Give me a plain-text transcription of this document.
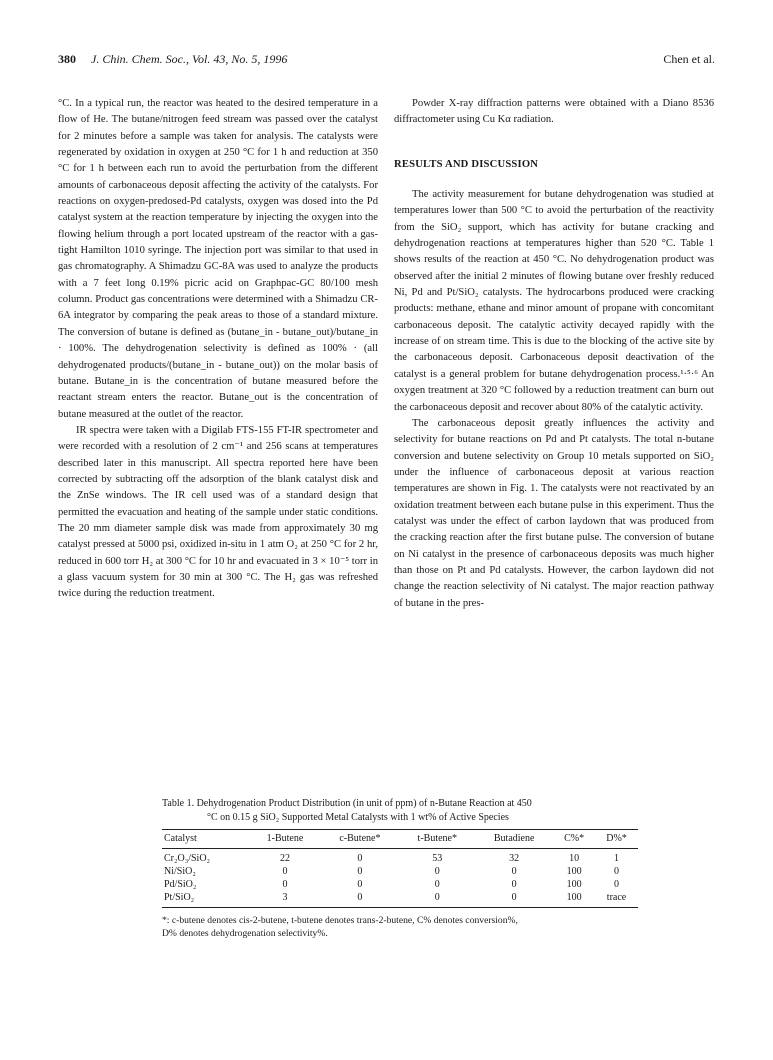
380 J. Chin. Chem. Soc., Vol. 43, No. 5, 1996	Chen et al.

°C. In a typical run, the reactor was heated to the desired temperature in a flow of He. The butane/nitrogen feed stream was passed over the catalyst for 2 minutes before a sample was taken for analysis. The catalysts were regenerated by oxidation in oxygen at 250 °C for 1 h and reduction at 350 °C for 1 h between each run to avoid the perturbation from the different amounts of carbonaceous deposit affecting the activity of the catalysts. For reactions on oxygen-predosed-Pd catalysts, oxygen was dosed into the Pd catalyst system at the reaction temperature by injecting the oxygen into the flowing helium through a port located upstream of the reactor with a gas-tight Hamilton 1010 syringe. The injection port was similar to that used in gas chromatography. A Shimadzu GC-8A was used to analyze the products with a 7 feet long 0.19% picric acid on Graphpac-GC 80/100 mesh column. Product gas concentrations were determined with a Shimadzu CR-6A integrator by comparing the peak areas to those of a standard mixture. The conversion of butane is defined as (butane_in - butane_out)/butane_in · 100%. The dehydrogenation selectivity is defined as 100% · (all dehydrogenated products/(butane_in - butane_out)) on the molar basis of butane. Butane_in is the concentration of butane measured before the reactant stream enters the reactor. Butane_out is the concentration of butane measured at the outlet of the reactor.

IR spectra were taken with a Digilab FTS-155 FT-IR spectrometer and were recorded with a resolution of 2 cm⁻¹ and 256 scans at temperatures described later in this manuscript. All spectra reported here have been corrected by subtracting off the adsorption of the blank catalyst disk and the ZnSe windows. The IR cell used was of a standard design that permitted the evacuation and heating of the sample under static conditions. The 20 mm diameter sample disk was made from approximately 30 mg catalyst pressed at 5000 psi, oxidized in-situ in 1 atm O₂ at 250 °C for 2 hr, reduced in 600 torr H₂ at 300 °C for 10 hr and evacuated in 3 × 10⁻⁵ torr in a glass vacuum system for 30 min at 300 °C. The H₂ gas was refreshed twice during the reduction treatment.

Powder X-ray diffraction patterns were obtained with a Diano 8536 diffractometer using Cu Kα radiation.

RESULTS AND DISCUSSION

The activity measurement for butane dehydrogenation was studied at temperatures lower than 500 °C to avoid the perturbation of the reactivity from the SiO₂ support, which has activity for butane cracking and dehydrogenation reactions at temperatures higher than 520 °C. Table 1 shows results of the reaction at 450 °C. No dehydrogenation product was observed after the initial 2 minutes of flowing butane over freshly reduced Ni, Pd and Pt/SiO₂ catalysts. The hydrocarbons produced were cracking products: methane, ethane and minor amount of propane with concomitant carbonaceous deposit. The catalytic activity decayed rapidly with the increase of on stream time. This is due to the blocking of the active site by the carbonaceous deposit. Carbonaceous deposit deactivation of the catalyst is a general problem for butane dehydrogenation process.¹·⁵·⁶ An oxygen treatment at 320 °C followed by a reduction treatment can burn out the carbonaceous deposit and recover about 80% of the catalytic activity.

The carbonaceous deposit greatly influences the activity and selectivity for butane reactions on Pd and Pt catalysts. The total n-butane conversion and butene selectivity on Group 10 metals supported on SiO₂ under the influence of carbonaceous deposit at various reaction temperatures are shown in Fig. 1. The catalysts were not reactivated by an oxidation treatment between each butane pulse in this experiment. Thus the catalyst was under the effect of carbon laydown that was produced from the cracking reaction after the first butane pulse. The conversion of butane on Ni catalyst in the presence of carbonaceous deposits was much higher than those on Pt and Pd catalysts. However, the carbon laydown did not change the reaction selectivity of Ni catalyst. The major reaction pathway of butane in the pres-

Table 1. Dehydrogenation Product Distribution (in unit of ppm) of n-Butane Reaction at 450
°C on 0.15 g SiO₂ Supported Metal Catalysts with 1 wt% of Active Species
Catalyst	1-Butene	c-Butene*	t-Butene*	Butadiene	C%*	D%*
Cr₂O₃/SiO₂	22	0	53	32	10	1
Ni/SiO₂	0	0	0	0	100	0
Pd/SiO₂	0	0	0	0	100	0
Pt/SiO₂	3	0	0	0	100	trace
*: c-butene denotes cis-2-butene, t-butene denotes trans-2-butene, C% denotes conversion%,
D% denotes dehydrogenation selectivity%.
